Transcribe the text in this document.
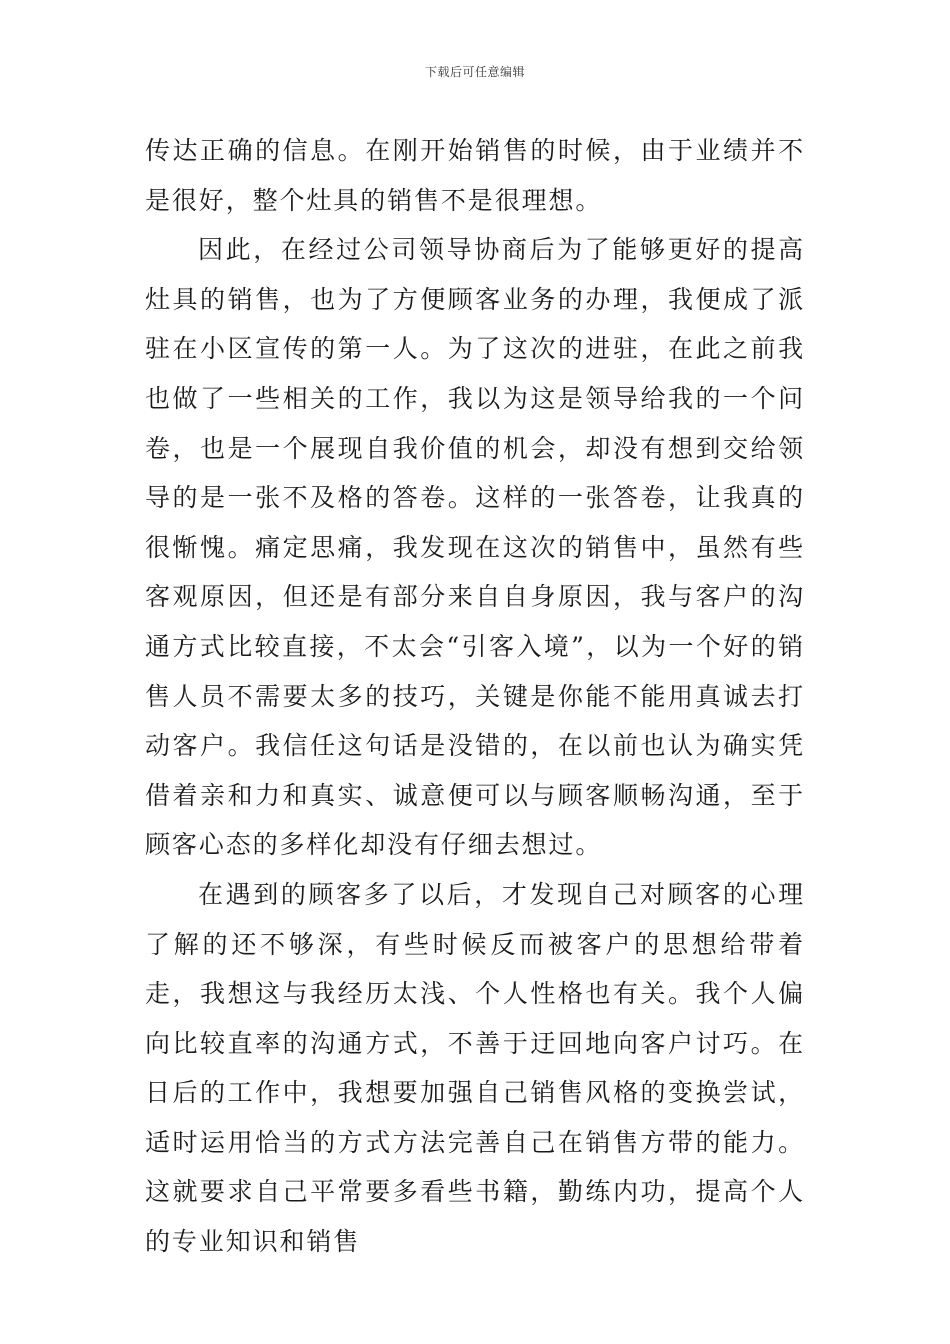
下载后可任意编辑

传达正确的信息。在刚开始销售的时候，由于业绩并不是很好，整个灶具的销售不是很理想。

因此，在经过公司领导协商后为了能够更好的提高灶具的销售，也为了方便顾客业务的办理，我便成了派驻在小区宣传的第一人。为了这次的进驻，在此之前我也做了一些相关的工作，我以为这是领导给我的一个问卷，也是一个展现自我价值的机会，却没有想到交给领导的是一张不及格的答卷。这样的一张答卷，让我真的很惭愧。痛定思痛，我发现在这次的销售中，虽然有些客观原因，但还是有部分来自自身原因，我与客户的沟通方式比较直接，不太会“引客入境”，以为一个好的销售人员不需要太多的技巧，关键是你能不能用真诚去打动客户。我信任这句话是没错的，在以前也认为确实凭借着亲和力和真实、诚意便可以与顾客顺畅沟通，至于顾客心态的多样化却没有仔细去想过。

在遇到的顾客多了以后，才发现自己对顾客的心理了解的还不够深，有些时候反而被客户的思想给带着走，我想这与我经历太浅、个人性格也有关。我个人偏向比较直率的沟通方式，不善于迂回地向客户讨巧。在日后的工作中，我想要加强自己销售风格的变换尝试，适时运用恰当的方式方法完善自己在销售方带的能力。这就要求自己平常要多看些书籍，勤练内功，提高个人的专业知识和销售
